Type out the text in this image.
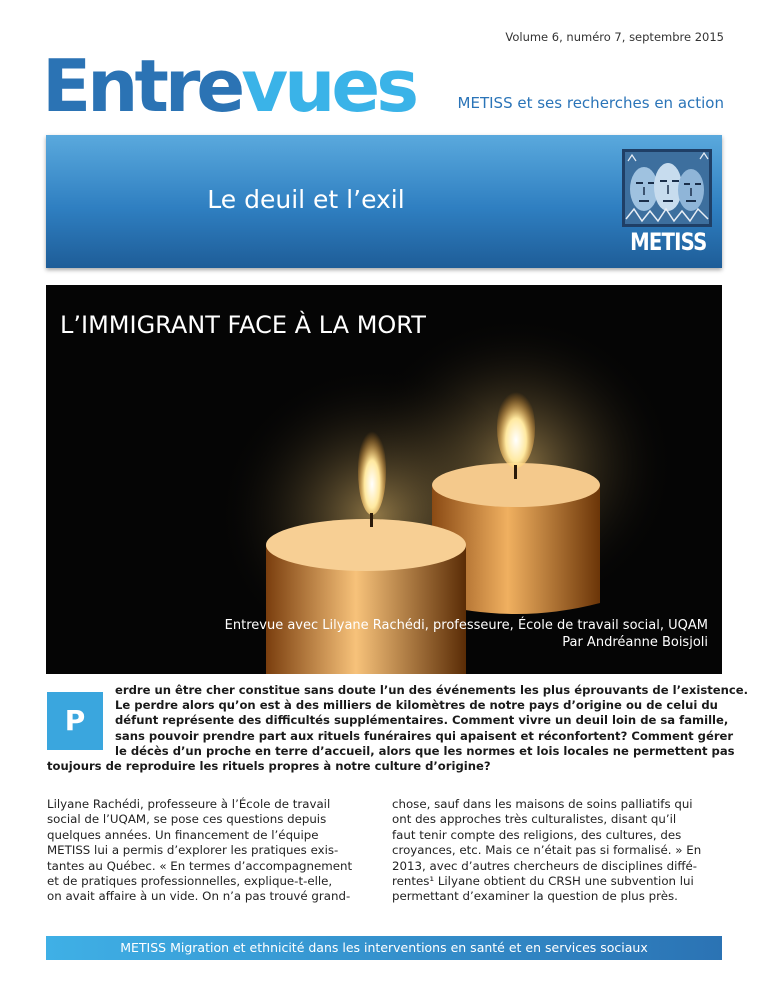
Volume 6, numéro 7, septembre 2015
Entrevues	METISS et ses recherches en action
Le deuil et l’exil
METISS
L’IMMIGRANT FACE À LA MORT
Entrevue avec Lilyane Rachédi, professeure, École de travail social, UQAM
Par Andréanne Boisjoli
P
erdre un être cher constitue sans doute l’un des événements les plus éprouvants de l’existence.
Le perdre alors qu’on est à des milliers de kilomètres de notre pays d’origine ou de celui du
défunt représente des difficultés supplémentaires. Comment vivre un deuil loin de sa famille,
sans pouvoir prendre part aux rituels funéraires qui apaisent et réconfortent? Comment gérer
le décès d’un proche en terre d’accueil, alors que les normes et lois locales ne permettent pas
toujours de reproduire les rituels propres à notre culture d’origine?
Lilyane Rachédi, professeure à l’École de travail
social de l’UQAM, se pose ces questions depuis
quelques années. Un financement de l’équipe
METISS lui a permis d’explorer les pratiques exis-
tantes au Québec. « En termes d’accompagnement
et de pratiques professionnelles, explique-t-elle,
on avait affaire à un vide. On n’a pas trouvé grand-
chose, sauf dans les maisons de soins palliatifs qui
ont des approches très culturalistes, disant qu’il
faut tenir compte des religions, des cultures, des
croyances, etc. Mais ce n’était pas si formalisé. » En
2013, avec d’autres chercheurs de disciplines diffé-
rentes¹ Lilyane obtient du CRSH une subvention lui
permettant d’examiner la question de plus près.
METISS Migration et ethnicité dans les interventions en santé et en services sociaux
